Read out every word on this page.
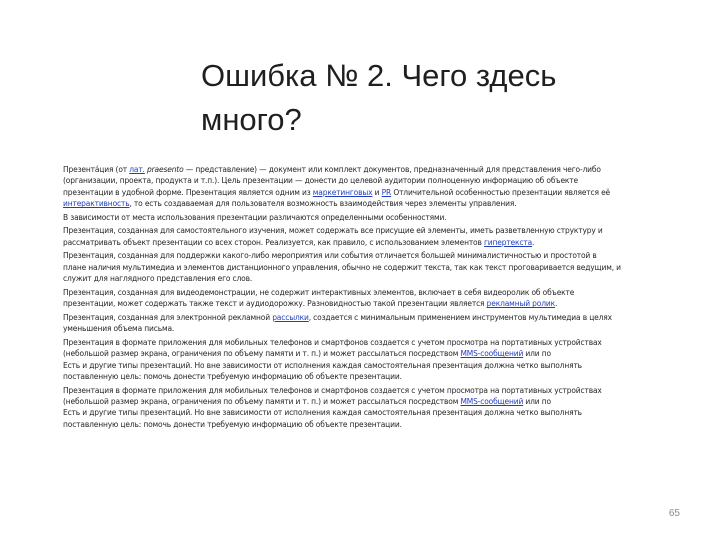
Ошибка № 2. Чего здесь
много?

Презента́ция (от лат. praesento — представление) — документ или комплект документов, предназначенный для представления чего-либо
(организации, проекта, продукта и т.п.). Цель презентации — донести до целевой аудитории полноценную информацию об объекте
презентации в удобной форме. Презентация является одним из маркетинговых и PR Отличительной особенностью презентации является её
интерактивность, то есть создаваемая для пользователя возможность взаимодействия через элементы управления.

В зависимости от места использования презентации различаются определенными особенностями.

Презентация, созданная для самостоятельного изучения, может содержать все присущие ей элементы, иметь разветвленную структуру и
рассматривать объект презентации со всех сторон. Реализуется, как правило, с использованием элементов гипертекста.

Презентация, созданная для поддержки какого-либо мероприятия или события отличается большей минималистичностью и простотой в
плане наличия мультимедиа и элементов дистанционного управления, обычно не содержит текста, так как текст проговаривается ведущим, и
служит для наглядного представления его слов.

Презентация, созданная для видеодемонстрации, не содержит интерактивных элементов, включает в себя видеоролик об объекте
презентации, может содержать также текст и аудиодорожку. Разновидностью такой презентации является рекламный ролик.

Презентация, созданная для электронной рекламной рассылки, создается с минимальным применением инструментов мультимедиа в целях
уменьшения объема письма.

Презентация в формате приложения для мобильных телефонов и смартфонов создается с учетом просмотра на портативных устройствах
(небольшой размер экрана, ограничения по объему памяти и т. п.) и может рассылаться посредством MMS-сообщений или по
Есть и другие типы презентаций. Но вне зависимости от исполнения каждая самостоятельная презентация должна четко выполнять
поставленную цель: помочь донести требуемую информацию об объекте презентации.

Презентация в формате приложения для мобильных телефонов и смартфонов создается с учетом просмотра на портативных устройствах
(небольшой размер экрана, ограничения по объему памяти и т. п.) и может рассылаться посредством MMS-сообщений или по
Есть и другие типы презентаций. Но вне зависимости от исполнения каждая самостоятельная презентация должна четко выполнять
поставленную цель: помочь донести требуемую информацию об объекте презентации.

65
